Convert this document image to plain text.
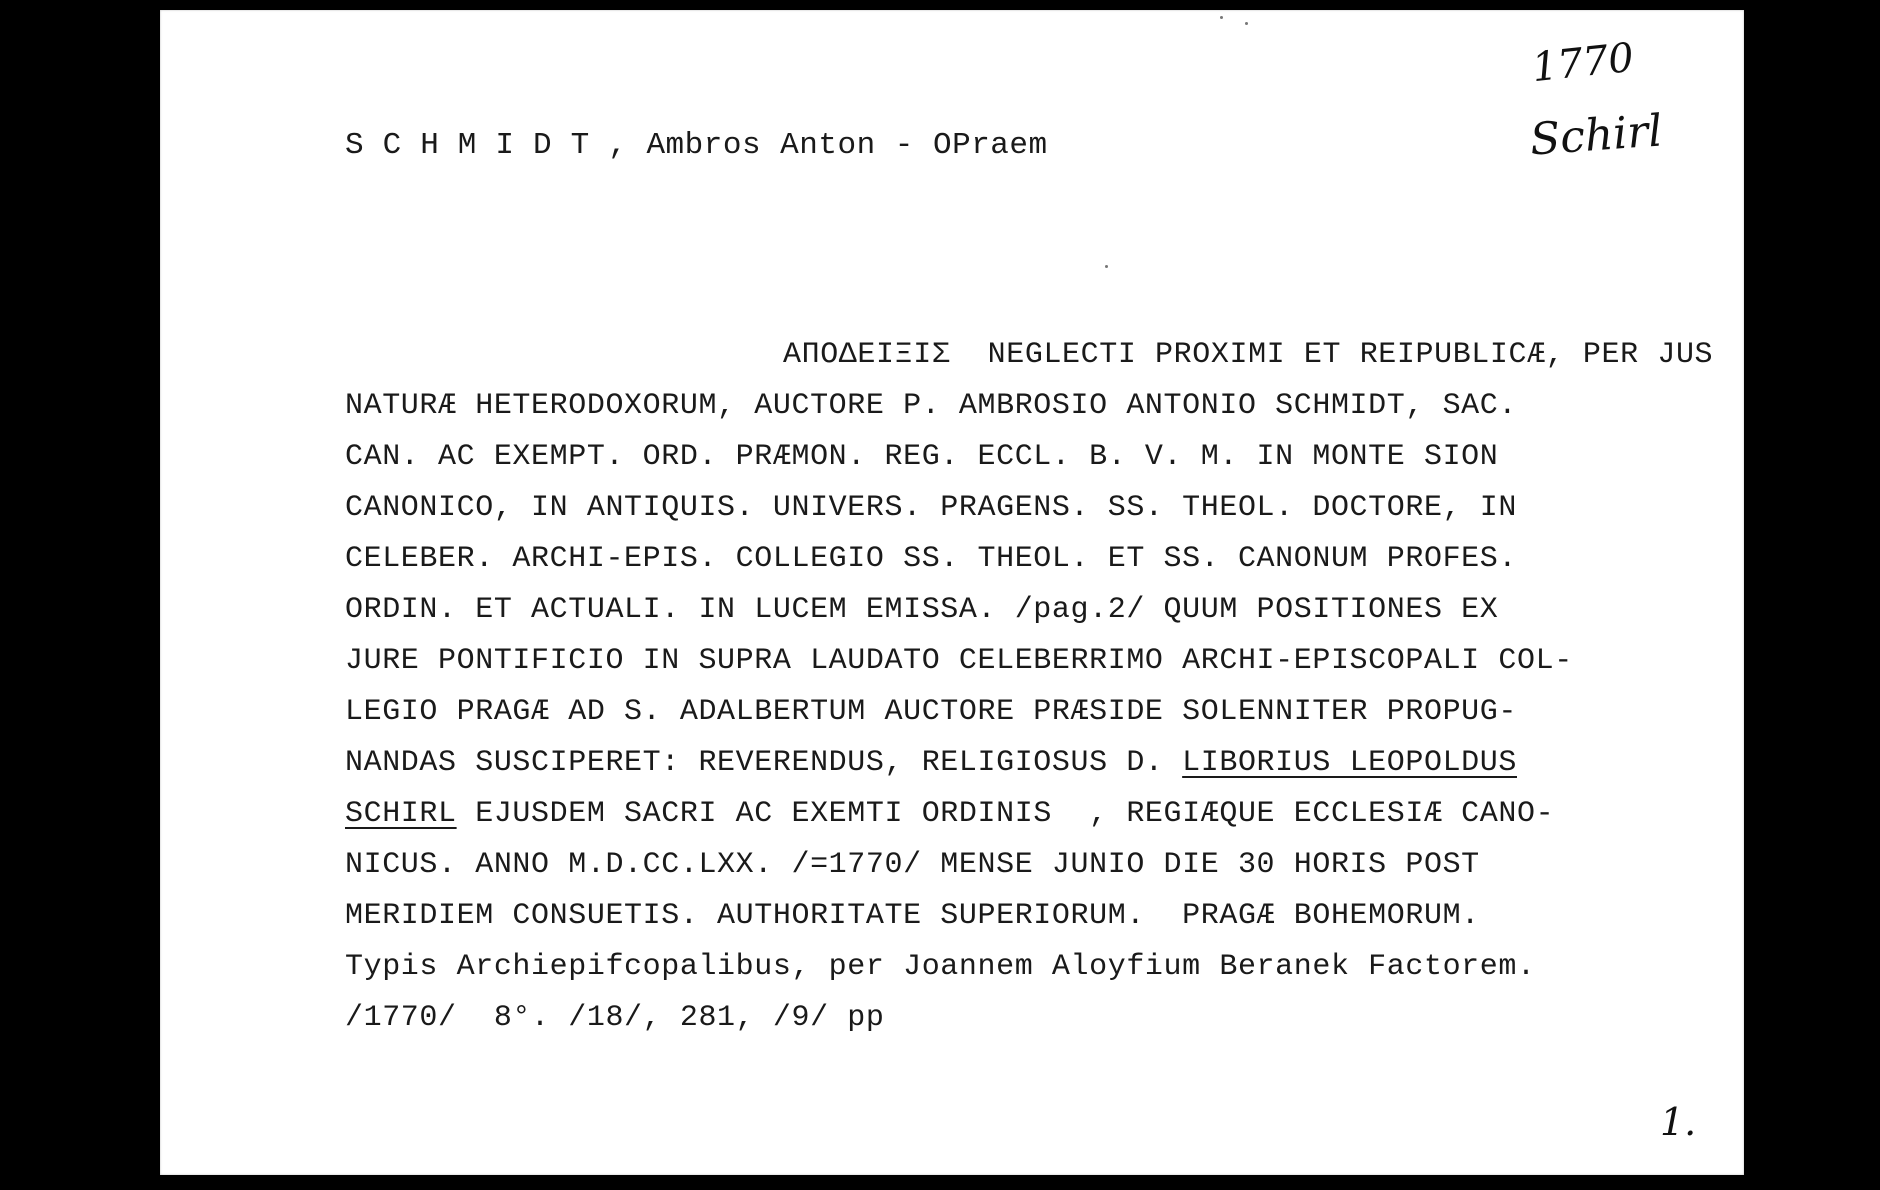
SCHMIDT, Ambros Anton - OPraem
1770
Schirl
ΑΠΟΔΕΙΞΙΣ  NEGLECTI PROXIMI ET REIPUBLICÆ, PER JUS
NATURÆ HETERODOXORUM, AUCTORE P. AMBROSIO ANTONIO SCHMIDT, SAC.
CAN. AC EXEMPT. ORD. PRÆMON. REG. ECCL. B. V. M. IN MONTE SION
CANONICO, IN ANTIQUIS. UNIVERS. PRAGENS. SS. THEOL. DOCTORE, IN
CELEBER. ARCHI-EPIS. COLLEGIO SS. THEOL. ET SS. CANONUM PROFES.
ORDIN. ET ACTUALI. IN LUCEM EMISSA. /pag.2/ QUUM POSITIONES EX
JURE PONTIFICIO IN SUPRA LAUDATO CELEBERRIMO ARCHI-EPISCOPALI COL-
LEGIO PRAGÆ AD S. ADALBERTUM AUCTORE PRÆSIDE SOLENNITER PROPUG-
NANDAS SUSCIPERET: REVERENDUS, RELIGIOSUS D. LIBORIUS LEOPOLDUS
SCHIRL EJUSDEM SACRI AC EXEMTI ORDINIS  , REGIÆQUE ECCLESIÆ CANO-
NICUS. ANNO M.D.CC.LXX. /=1770/ MENSE JUNIO DIE 30 HORIS POST
MERIDIEM CONSUETIS. AUTHORITATE SUPERIORUM.  PRAGÆ BOHEMORUM.
Typis Archiepifcopalibus, per Joannem Aloyfium Beranek Factorem.
/1770/  8°. /18/, 281, /9/ pp
1.
